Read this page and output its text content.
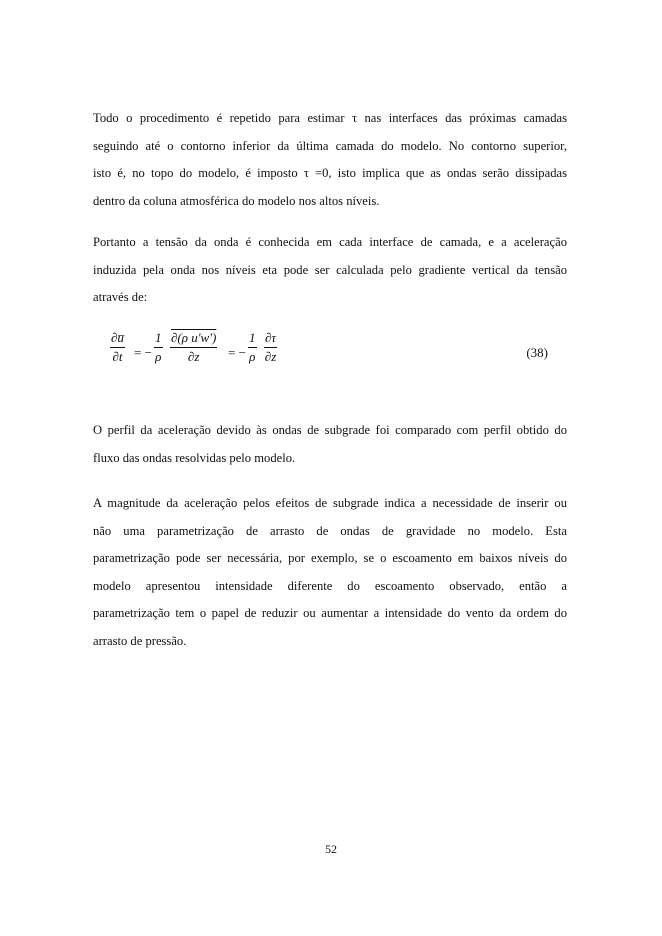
Todo o procedimento é repetido para estimar τ nas interfaces das próximas camadas
seguindo até o contorno inferior da última camada do modelo. No contorno superior,
isto é, no topo do modelo, é imposto τ =0, isto implica que as ondas serão dissipadas
dentro da coluna atmosférica do modelo nos altos níveis.
Portanto a tensão da onda é conhecida em cada interface de camada, e a aceleração
induzida pela onda nos níveis eta pode ser calculada pelo gradiente vertical da tensão
através de:
$\frac{\partial u̅}{\partial t}$ = − $\frac{1}{\rho} \frac{\text{∂(ρ u'w')}}{\partial z}$ = − $\frac{1}{\rho} \frac{\partial\tau}{\partial z}$	(38)
O perfil da aceleração devido às ondas de subgrade foi comparado com perfil obtido do
fluxo das ondas resolvidas pelo modelo.
A magnitude da aceleração pelos efeitos de subgrade indica a necessidade de inserir ou
não uma parametrização de arrasto de ondas de gravidade no modelo. Esta
parametrização pode ser necessária, por exemplo, se o escoamento em baixos níveis do
modelo apresentou intensidade diferente do escoamento observado, então a
parametrização tem o papel de reduzir ou aumentar a intensidade do vento da ordem do
arrasto de pressão.
52
